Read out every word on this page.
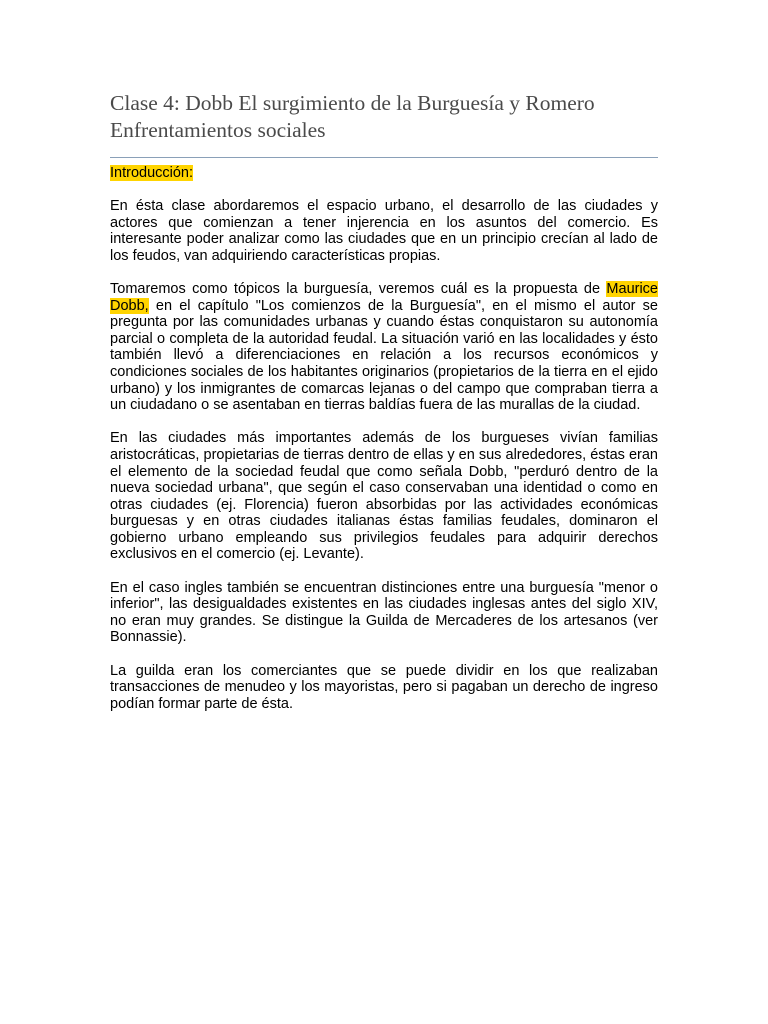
Clase 4: Dobb El surgimiento de la Burguesía y Romero Enfrentamientos sociales
Introducción:

En ésta clase abordaremos el espacio urbano, el desarrollo de las ciudades y actores que comienzan a tener injerencia en los asuntos del comercio. Es interesante poder analizar como las ciudades que en un principio crecían al lado de los feudos, van adquiriendo características propias.

Tomaremos como tópicos la burguesía, veremos cuál es la propuesta de Maurice Dobb, en el capítulo "Los comienzos de la Burguesía", en el mismo el autor se pregunta por las comunidades urbanas y cuando éstas conquistaron su autonomía parcial o completa de la autoridad feudal. La situación varió en las localidades y ésto también llevó a diferenciaciones en relación a los recursos económicos y condiciones sociales de los habitantes originarios (propietarios de la tierra en el ejido urbano) y los inmigrantes de comarcas lejanas o del campo que compraban tierra a un ciudadano o se asentaban en tierras baldías fuera de las murallas de la ciudad.

En las ciudades más importantes además de los burgueses vivían familias aristocráticas, propietarias de tierras dentro de ellas y en sus alrededores, éstas eran el elemento de la sociedad feudal que como señala Dobb, "perduró dentro de la nueva sociedad urbana", que según el caso conservaban una identidad o como en otras ciudades (ej. Florencia) fueron absorbidas por las actividades económicas burguesas y en otras ciudades italianas éstas familias feudales, dominaron el gobierno urbano empleando sus privilegios feudales para adquirir derechos exclusivos en el comercio (ej. Levante).

En el caso ingles también se encuentran distinciones entre una burguesía "menor o inferior", las desigualdades existentes en las ciudades inglesas antes del siglo XIV, no eran muy grandes. Se distingue la Guilda de Mercaderes de los artesanos (ver Bonnassie).

La guilda eran los comerciantes que se puede dividir en los que realizaban transacciones de menudeo y los mayoristas, pero si pagaban un derecho de ingreso podían formar parte de ésta.
